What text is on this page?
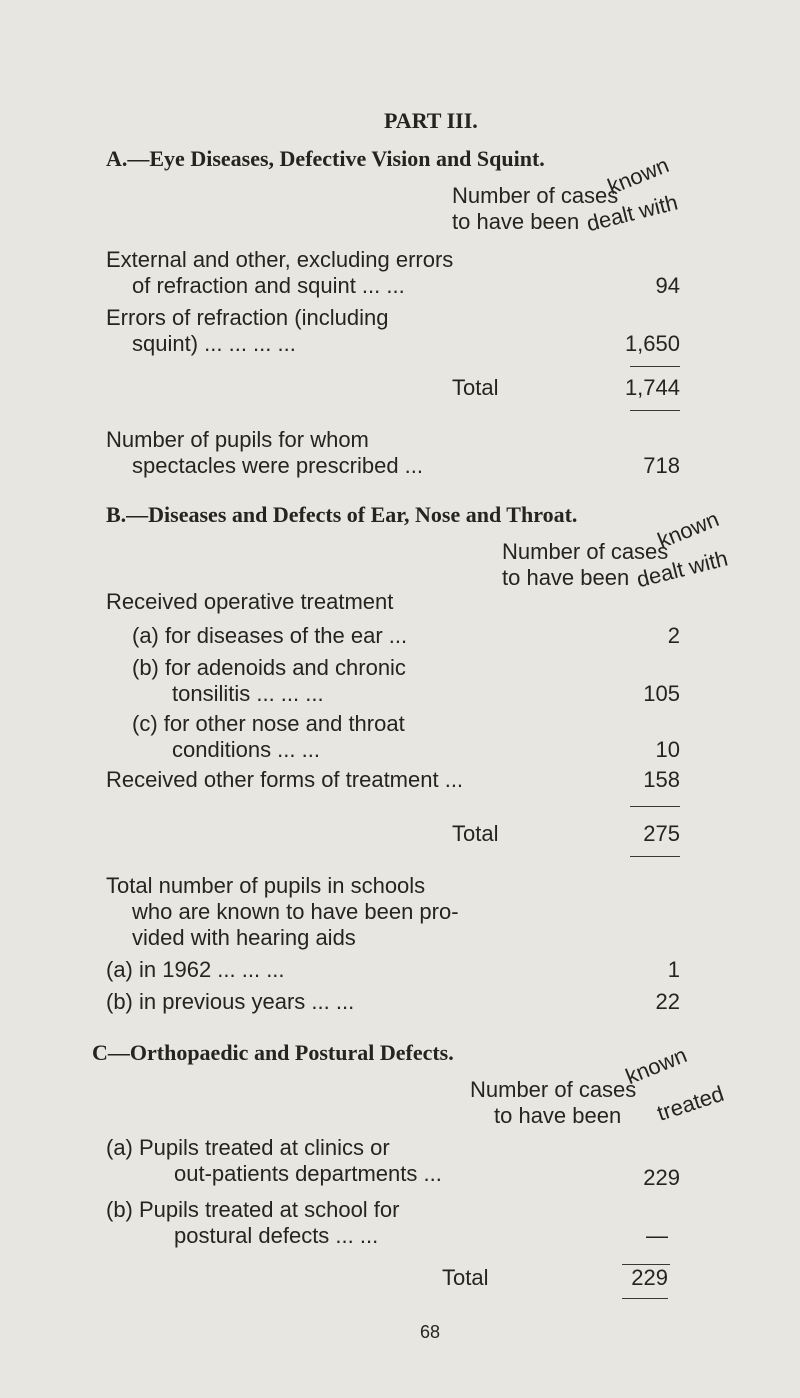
PART III.
A.—Eye Diseases, Defective Vision and Squint.
Number of cases
known
to have been dealt with
External and other, excluding errors
of refraction and squint ... ...	94
Errors of refraction (including
squint) ... ... ... ...	1,650
Total	1,744
Number of pupils for whom
spectacles were prescribed ...	718
B.—Diseases and Defects of Ear, Nose and Throat.
Number of cases
known
to have been dealt with
Received operative treatment
(a) for diseases of the ear ...	2
(b) for adenoids and chronic
tonsilitis ... ... ...	105
(c) for other nose and throat
conditions ... ...	10
Received other forms of treatment ...	158
Total	275
Total number of pupils in schools
who are known to have been pro-
vided with hearing aids
(a) in 1962 ... ... ...	1
(b) in previous years ... ...	22
C—Orthopaedic and Postural Defects.
Number of cases
known
to have been treated
(a) Pupils treated at clinics or
out-patients departments ...	229
(b) Pupils treated at school for
postural defects ... ...	—
Total	229
68
